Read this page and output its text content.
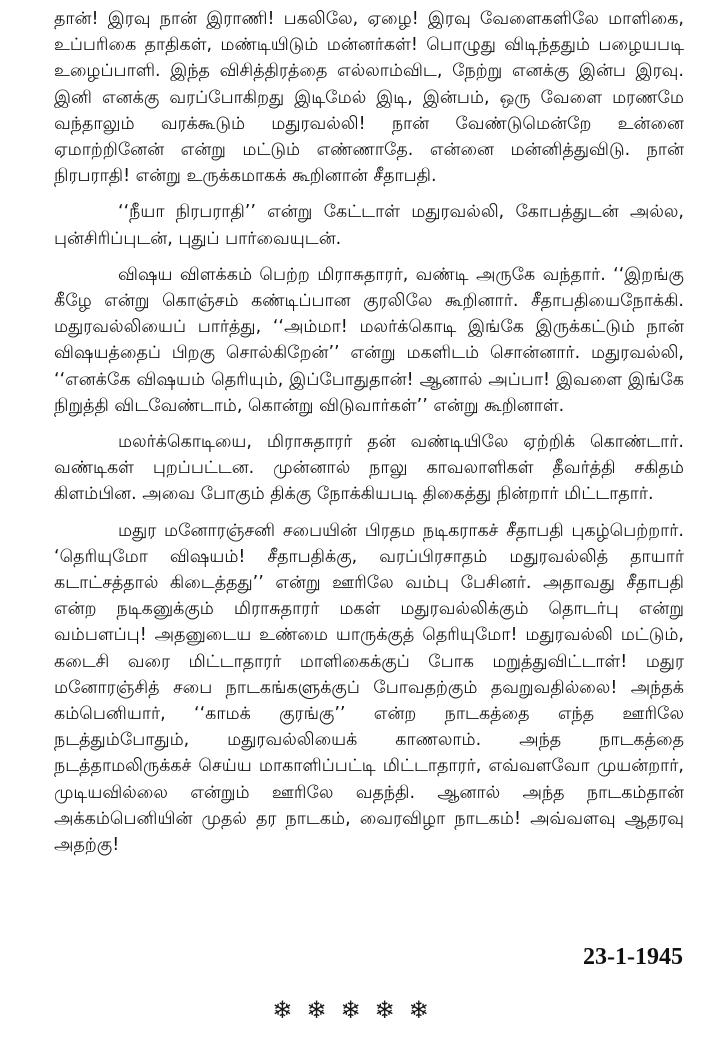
தான்! இரவு நான் இராணி! பகலிலே, ஏழை! இரவு வேளைகளிலே மாளிகை, உப்பரிகை தாதிகள், மண்டியிடும் மன்னர்கள்! பொழுது விடிந்ததும் பழையபடி உழைப்பாளி. இந்த விசித்திரத்தை எல்லாம்விட, நேற்று எனக்கு இன்ப இரவு. இனி எனக்கு வரப்போகிறது இடிமேல் இடி, இன்பம், ஒரு வேளை மரணமே வந்தாலும் வரக்கூடும் மதுரவல்லி! நான் வேண்டுமென்றே உன்னை ஏமாற்றினேன் என்று மட்டும் எண்ணாதே. என்னை மன்னித்துவிடு. நான் நிரபராதி! என்று உருக்கமாகக் கூறினான் சீதாபதி.

‘‘நீயா நிரபராதி’’ என்று கேட்டாள் மதுரவல்லி, கோபத்துடன் அல்ல, புன்சிரிப்புடன், புதுப் பார்வையுடன்.

விஷய விளக்கம் பெற்ற மிராசுதாரர், வண்டி அருகே வந்தார். ‘‘இறங்கு கீழே என்று கொஞ்சம் கண்டிப்பான குரலிலே கூறினார். சீதாபதியைநோக்கி. மதுரவல்லியைப் பார்த்து, ‘‘அம்மா! மலர்க்கொடி இங்கே இருக்கட்டும் நான் விஷயத்தைப் பிறகு சொல்கிறேன்’’ என்று மகளிடம் சொன்னார். மதுரவல்லி, ‘‘எனக்கே விஷயம் தெரியும், இப்போதுதான்! ஆனால் அப்பா! இவளை இங்கே நிறுத்தி விடவேண்டாம், கொன்று விடுவார்கள்’’ என்று கூறினாள்.

மலர்க்கொடியை, மிராசுதாரர் தன் வண்டியிலே ஏற்றிக் கொண்டார். வண்டிகள் புறப்பட்டன. முன்னால் நாலு காவலாளிகள் தீவர்த்தி சகிதம் கிளம்பின. அவை போகும் திக்கு நோக்கியபடி திகைத்து நின்றார் மிட்டாதார்.

மதுர மனோரஞ்சனி சபையின் பிரதம நடிகராகச் சீதாபதி புகழ்பெற்றார். ‘தெரியுமோ விஷயம்! சீதாபதிக்கு, வரப்பிரசாதம் மதுரவல்லித் தாயார் கடாட்சத்தால் கிடைத்தது’’ என்று ஊரிலே வம்பு பேசினர். அதாவது சீதாபதி என்ற நடிகனுக்கும் மிராசுதாரர் மகள் மதுரவல்லிக்கும் தொடர்பு என்று வம்பளப்பு! அதனுடைய உண்மை யாருக்குத் தெரியுமோ! மதுரவல்லி மட்டும், கடைசி வரை மிட்டாதாரர் மாளிகைக்குப் போக மறுத்துவிட்டாள்! மதுர மனோரஞ்சித் சபை நாடகங்களுக்குப் போவதற்கும் தவறுவதில்லை! அந்தக் கம்பெனியார், ‘‘காமக் குரங்கு’’ என்ற நாடகத்தை எந்த ஊரிலே நடத்தும்போதும், மதுரவல்லியைக் காணலாம். அந்த நாடகத்தை நடத்தாமலிருக்கச் செய்ய மாகாளிப்பட்டி மிட்டாதாரர், எவ்வளவோ முயன்றார், முடியவில்லை என்றும் ஊரிலே வதந்தி. ஆனால் அந்த நாடகம்தான் அக்கம்பெனியின் முதல் தர நாடகம், வைரவிழா நாடகம்! அவ்வளவு ஆதரவு அதற்கு!

23-1-1945
❄❄❄❄❄
